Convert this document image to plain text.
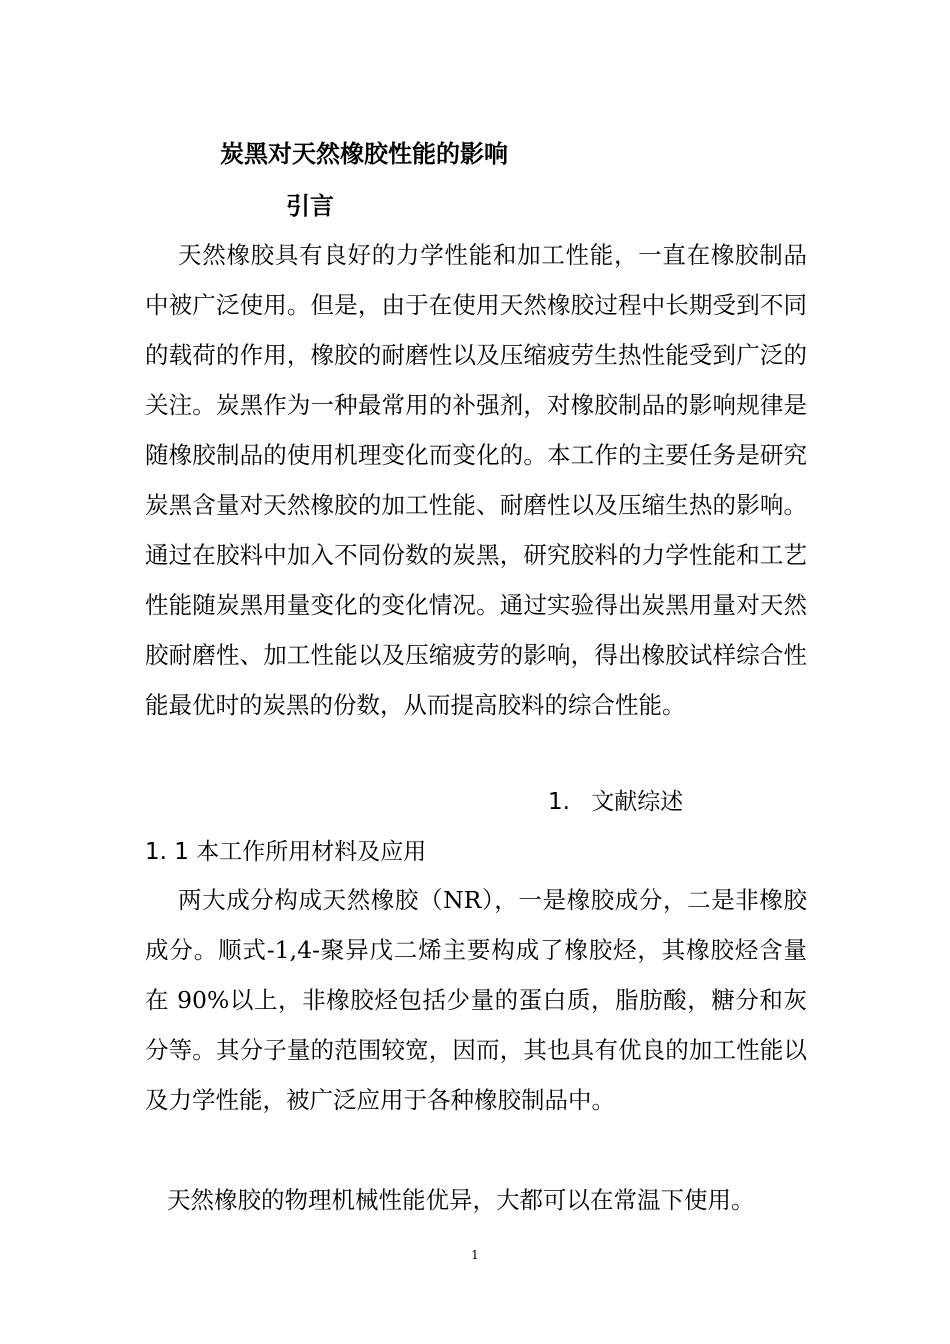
炭黑对天然橡胶性能的影响
引言

天然橡胶具有良好的力学性能和加工性能，一直在橡胶制品中被广泛使用。但是，由于在使用天然橡胶过程中长期受到不同的载荷的作用，橡胶的耐磨性以及压缩疲劳生热性能受到广泛的关注。炭黑作为一种最常用的补强剂，对橡胶制品的影响规律是随橡胶制品的使用机理变化而变化的。本工作的主要任务是研究炭黑含量对天然橡胶的加工性能、耐磨性以及压缩生热的影响。通过在胶料中加入不同份数的炭黑，研究胶料的力学性能和工艺性能随炭黑用量变化的变化情况。通过实验得出炭黑用量对天然胶耐磨性、加工性能以及压缩疲劳的影响，得出橡胶试样综合性能最优时的炭黑的份数，从而提高胶料的综合性能。

1. 文献综述
1. 1 本工作所用材料及应用

两大成分构成天然橡胶（NR），一是橡胶成分，二是非橡胶成分。顺式-1,4-聚异戊二烯主要构成了橡胶烃，其橡胶烃含量在 90%以上，非橡胶烃包括少量的蛋白质，脂肪酸，糖分和灰分等。其分子量的范围较宽，因而，其也具有优良的加工性能以及力学性能，被广泛应用于各种橡胶制品中。

天然橡胶的物理机械性能优异，大都可以在常温下使用。

1
